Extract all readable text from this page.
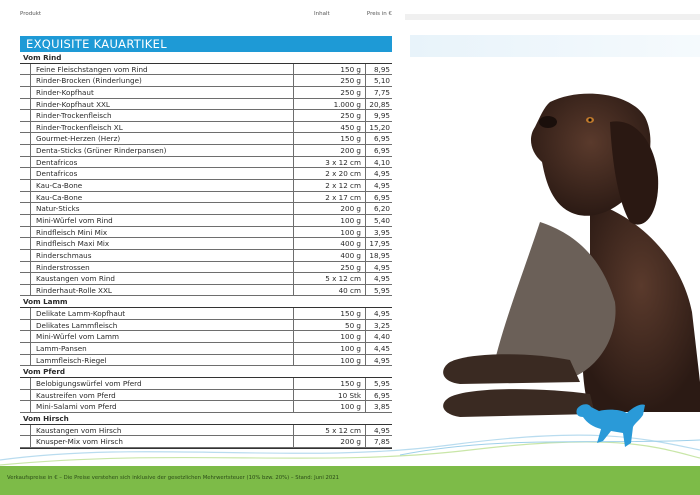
Produkt	Inhalt	Preis in €
EXQUISITE KAUARTIKEL
Vom Rind
Feine Fleischstangen vom Rind	150 g	8,95
Rinder-Brocken (Rinderlunge)	250 g	5,10
Rinder-Kopfhaut	250 g	7,75
Rinder-Kopfhaut XXL	1.000 g	20,85
Rinder-Trockenfleisch	250 g	9,95
Rinder-Trockenfleisch XL	450 g	15,20
Gourmet-Herzen (Herz)	150 g	6,95
Denta-Sticks (Grüner Rinderpansen)	200 g	6,95
Dentafricos	3 x 12 cm	4,10
Dentafricos	2 x 20 cm	4,95
Kau-Ca-Bone	2 x 12 cm	4,95
Kau-Ca-Bone	2 x 17 cm	6,95
Natur-Sticks	200 g	6,20
Mini-Würfel vom Rind	100 g	5,40
Rindfleisch Mini Mix	100 g	3,95
Rindfleisch Maxi Mix	400 g	17,95
Rinderschmaus	400 g	18,95
Rinderstrossen	250 g	4,95
Kaustangen vom Rind	5 x 12 cm	4,95
Rinderhaut-Rolle XXL	40 cm	5,95
Vom Lamm
Delikate Lamm-Kopfhaut	150 g	4,95
Delikates Lammfleisch	50 g	3,25
Mini-Würfel vom Lamm	100 g	4,40
Lamm-Pansen	100 g	4,45
Lammfleisch-Riegel	100 g	4,95
Vom Pferd
Belobigungswürfel vom Pferd	150 g	5,95
Kaustreifen vom Pferd	10 Stk	6,95
Mini-Salami vom Pferd	100 g	3,85
Vom Hirsch
Kaustangen vom Hirsch	5 x 12 cm	4,95
Knusper-Mix vom Hirsch	200 g	7,85
Verkaufspreise in € – Die Preise verstehen sich inklusive der gesetzlichen Mehrwertsteuer (10% bzw. 20%) – Stand: Juni 2021
